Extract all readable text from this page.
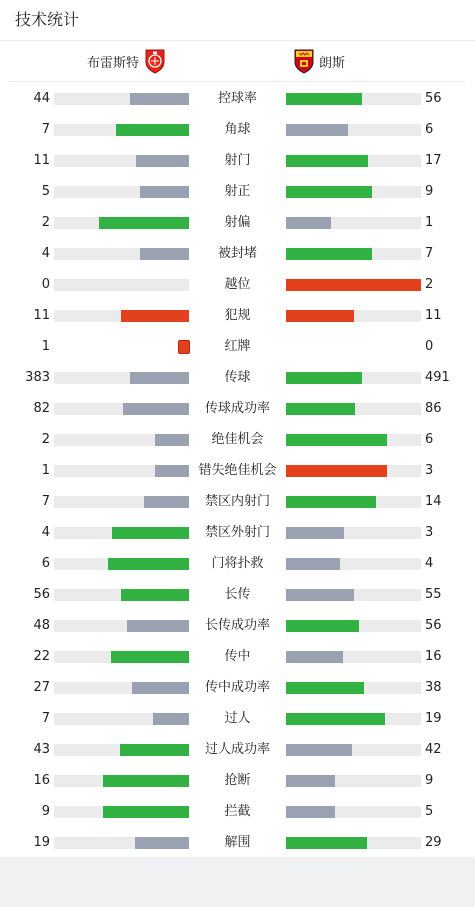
技术统计
布雷斯特	朗斯
44	控球率	56
7	角球	6
11	射门	17
5	射正	9
2	射偏	1
4	被封堵	7
0	越位	2
11	犯规	11
1	红牌	0
383	传球	491
82	传球成功率	86
2	绝佳机会	6
1	错失绝佳机会	3
7	禁区内射门	14
4	禁区外射门	3
6	门将扑救	4
56	长传	55
48	长传成功率	56
22	传中	16
27	传中成功率	38
7	过人	19
43	过人成功率	42
16	抢断	9
9	拦截	5
19	解围	29
